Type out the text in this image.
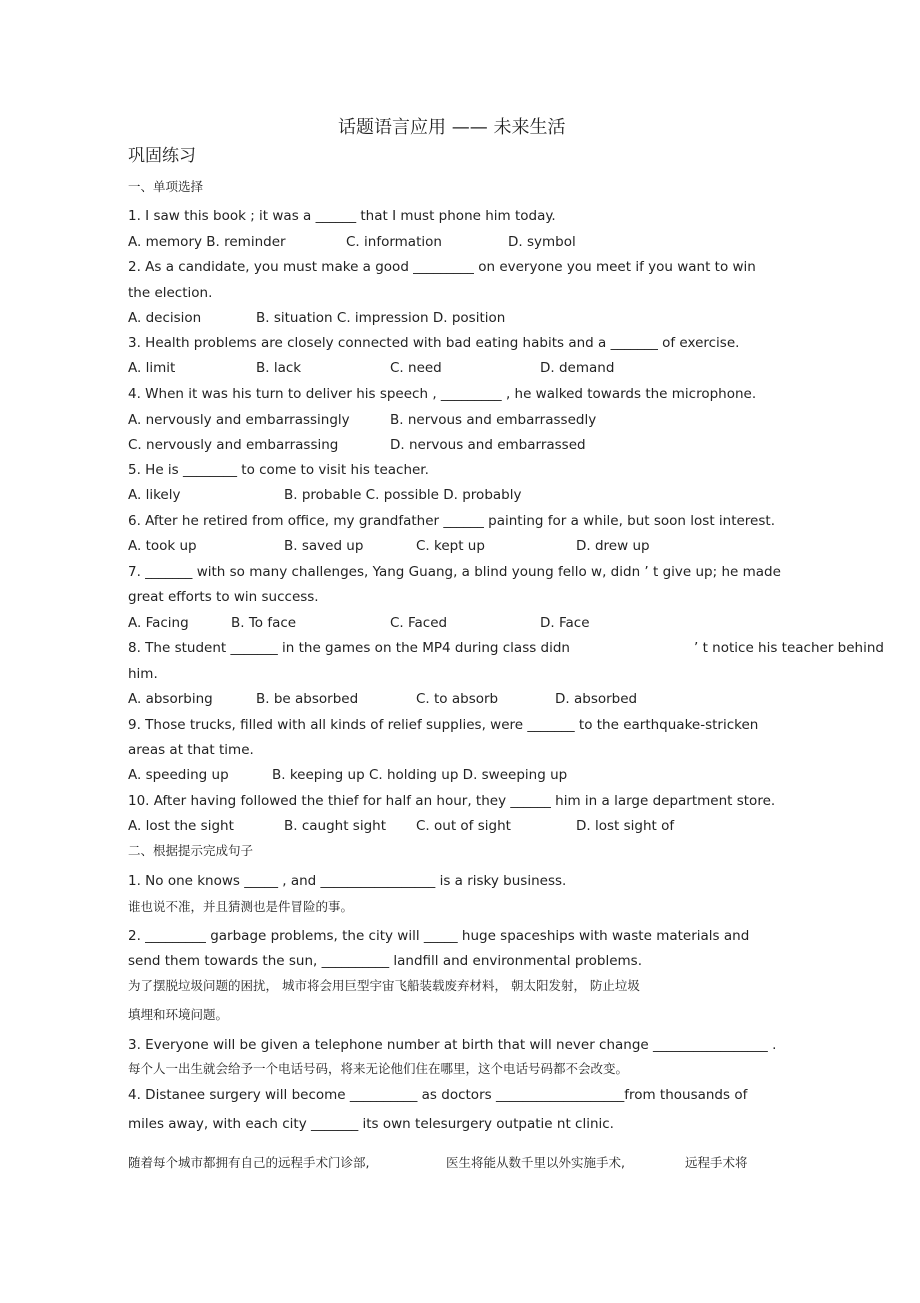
话题语言应用 —— 未来生活
巩固练习
一、单项选择
1. I saw this book ; it was a ______ that I must phone him today.
A. memory B. reminder	C. information	D. symbol
2. As a candidate, you must make a good _________ on everyone you meet if you want to win
the election.
A. decision	B. situation C. impression D. position
3. Health problems are closely connected with bad eating habits and a _______ of exercise.
A. limit	B. lack	C. need	D. demand
4. When it was his turn to deliver his speech , _________ , he walked towards the microphone.
A. nervously and embarrassingly	B. nervous and embarrassedly
C. nervously and embarrassing	D. nervous and embarrassed
5. He is ________ to come to visit his teacher.
A. likely	B. probable C. possible D. probably
6. After he retired from office, my grandfather ______ painting for a while, but soon lost interest.
A. took up	B. saved up	C. kept up	D. drew up
7. _______ with so many challenges, Yang Guang, a blind young fello w, didn ’ t give up; he made
great efforts to win success.
A. Facing	B. To face	C. Faced	D. Face
8. The student _______ in the games on the MP4 during class didn	’ t notice his teacher behind
him.
A. absorbing	B. be absorbed	C. to absorb	D. absorbed
9. Those trucks, filled with all kinds of relief supplies, were _______ to the earthquake-stricken
areas at that time.
A. speeding up	B. keeping up C. holding up D. sweeping up
10. After having followed the thief for half an hour, they ______ him in a large department store.
A. lost the sight	B. caught sight C. out of sight	D. lost sight of
二、根据提示完成句子
1. No one knows _____ , and _________________ is a risky business.
谁也说不准，并且猜测也是件冒险的事。
2. _________ garbage problems, the city will _____ huge spaceships with waste materials and
send them towards the sun, __________ landfill and environmental problems.
为了摆脱垃圾问题的困扰， 城市将会用巨型宇宙飞船装载废弃材料， 朝太阳发射， 防止垃圾
填埋和环境问题。
3. Everyone will be given a telephone number at birth that will never change _________________ .
每个人一出生就会给予一个电话号码，将来无论他们住在哪里，这个电话号码都不会改变。
4. Distanee surgery will become __________ as doctors ___________________from thousands of
miles away, with each city _______ its own telesurgery outpatie nt clinic.
随着每个城市都拥有自己的远程手术门诊部,	医生将能从数千里以外实施手术,	远程手术将
